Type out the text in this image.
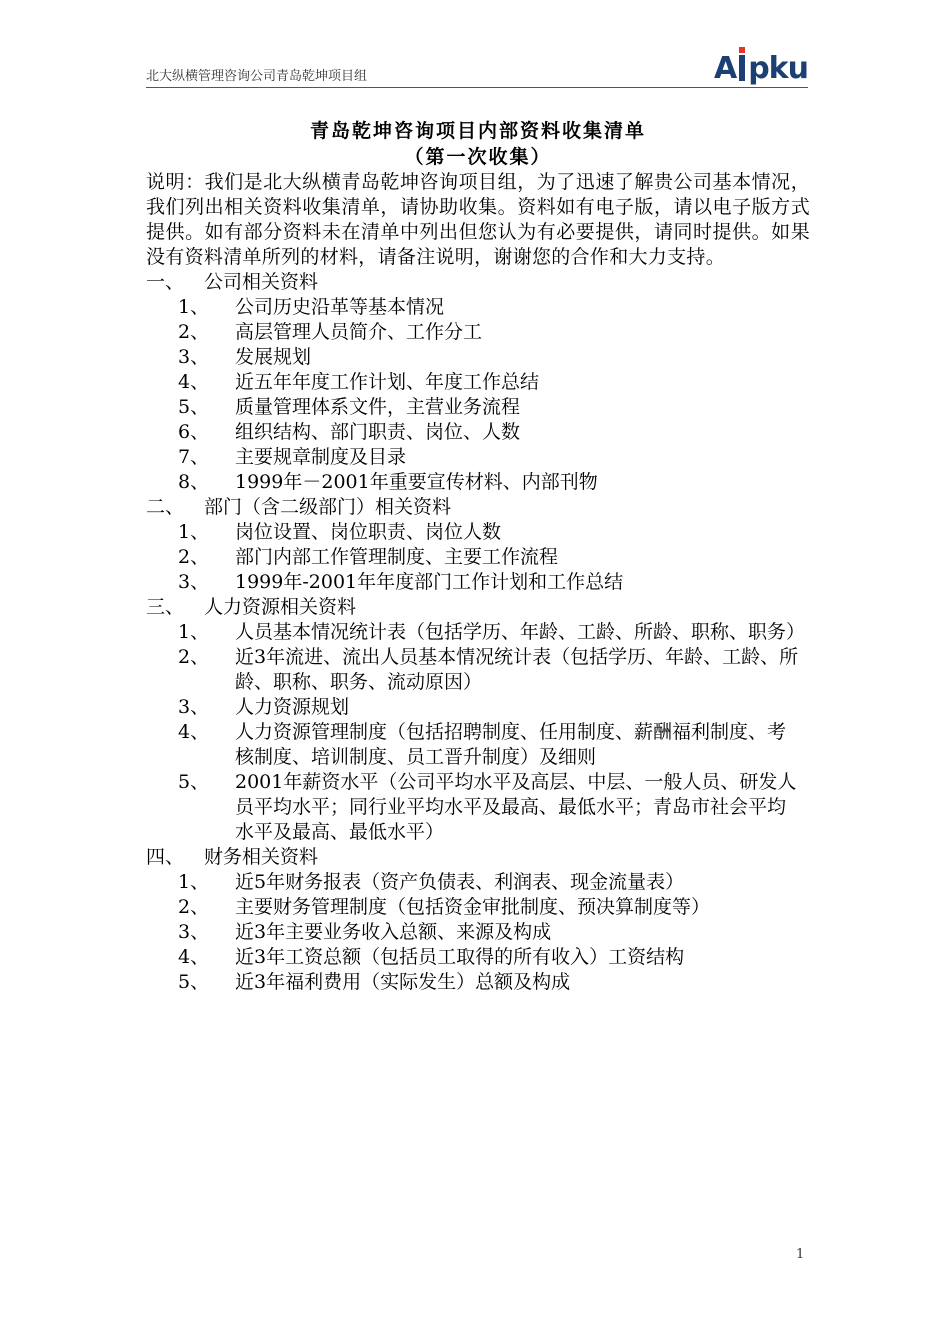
北大纵横管理咨询公司青岛乾坤项目组	A pku
青岛乾坤咨询项目内部资料收集清单
（第一次收集）
说明：我们是北大纵横青岛乾坤咨询项目组，为了迅速了解贵公司基本情况，我们列出相关资料收集清单，请协助收集。资料如有电子版，请以电子版方式提供。如有部分资料未在清单中列出但您认为有必要提供，请同时提供。如果没有资料清单所列的材料，请备注说明，谢谢您的合作和大力支持。
一、	公司相关资料
1、	公司历史沿革等基本情况
2、	高层管理人员简介、工作分工
3、	发展规划
4、	近五年年度工作计划、年度工作总结
5、	质量管理体系文件，主营业务流程
6、	组织结构、部门职责、岗位、人数
7、	主要规章制度及目录
8、	1999年－2001年重要宣传材料、内部刊物
二、	部门（含二级部门）相关资料
1、	岗位设置、岗位职责、岗位人数
2、	部门内部工作管理制度、主要工作流程
3、	1999年-2001年年度部门工作计划和工作总结
三、	人力资源相关资料
1、	人员基本情况统计表（包括学历、年龄、工龄、所龄、职称、职务）
2、	近3年流进、流出人员基本情况统计表（包括学历、年龄、工龄、所龄、职称、职务、流动原因）
3、	人力资源规划
4、	人力资源管理制度（包括招聘制度、任用制度、薪酬福利制度、考核制度、培训制度、员工晋升制度）及细则
5、	2001年薪资水平（公司平均水平及高层、中层、一般人员、研发人员平均水平；同行业平均水平及最高、最低水平；青岛市社会平均水平及最高、最低水平）
四、	财务相关资料
1、	近5年财务报表（资产负债表、利润表、现金流量表）
2、	主要财务管理制度（包括资金审批制度、预决算制度等）
3、	近3年主要业务收入总额、来源及构成
4、	近3年工资总额（包括员工取得的所有收入）工资结构
5、	近3年福利费用（实际发生）总额及构成
1
